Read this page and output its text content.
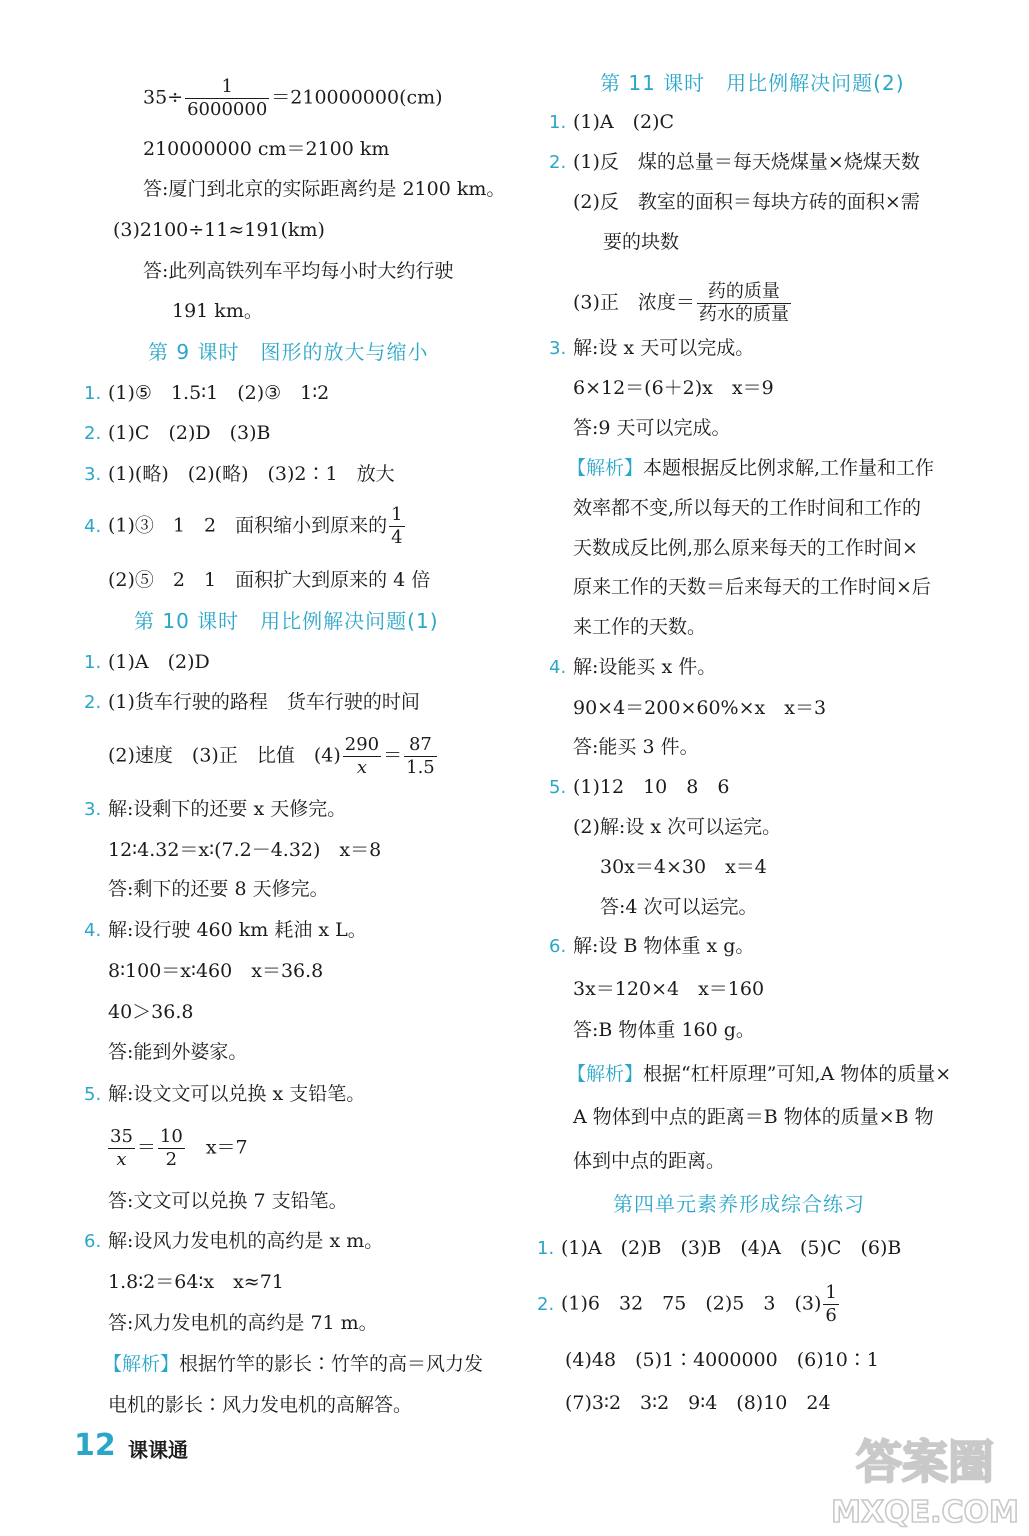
$35\div \frac{1}{6000000} =210000000(cm)$
210000000 cm＝2100 km
答:厦门到北京的实际距离约是 2100 km。
(3)2100÷11≈191(km)
答:此列高铁列车平均每小时大约行驶
191 km。
第 9 课时　图形的放大与缩小
1. (1)⑤　1.5∶1　(2)③　1∶2
2. (1)C　(2)D　(3)B
3. (1)(略)　(2)(略)　(3)2∶1　放大
4. (1)③　1　2　面积缩小到原来的 $\frac{1}{4}$
(2)⑤　2　1　面积扩大到原来的 4 倍
第 10 课时　用比例解决问题(1)
1. (1)A　(2)D
2. (1)货车行驶的路程　货车行驶的时间
(2)速度　(3)正　比值　$(4) \frac{290}{x} = \frac{87}{1.5}$
3. 解:设剩下的还要 x 天修完。
12∶4.32＝x∶(7.2－4.32)　x＝8
答:剩下的还要 8 天修完。
4. 解:设行驶 460 km 耗油 x L。
8∶100＝x∶460　x＝36.8
40＞36.8
答:能到外婆家。
5. 解:设文文可以兑换 x 支铅笔。
$\frac{35}{x} = \frac{10}{2}$ 　x＝7
答:文文可以兑换 7 支铅笔。
6. 解:设风力发电机的高约是 x m。
1.8∶2＝64∶x　x≈71
答:风力发电机的高约是 71 m。
【解析】根据竹竿的影长∶竹竿的高＝风力发
电机的影长∶风力发电机的高解答。
第 11 课时　用比例解决问题(2)
1. (1)A　(2)C
2. (1)反　煤的总量＝每天烧煤量×烧煤天数
(2)反　教室的面积＝每块方砖的面积×需
要的块数
(3)正　浓度＝ $\frac{\text{药的质量}}{\text{药水的质量}}$
3. 解:设 x 天可以完成。
6×12＝(6＋2)x　x＝9
答:9 天可以完成。
【解析】本题根据反比例求解,工作量和工作
效率都不变,所以每天的工作时间和工作的
天数成反比例,那么原来每天的工作时间×
原来工作的天数＝后来每天的工作时间×后
来工作的天数。
4. 解:设能买 x 件。
90×4＝200×60%×x　x＝3
答:能买 3 件。
5. (1)12　10　8　6
(2)解:设 x 次可以运完。
30x＝4×30　x＝4
答:4 次可以运完。
6. 解:设 B 物体重 x g。
3x＝120×4　x＝160
答:B 物体重 160 g。
【解析】根据“杠杆原理”可知,A 物体的质量×
A 物体到中点的距离＝B 物体的质量×B 物
体到中点的距离。
第四单元素养形成综合练习
1. (1)A　(2)B　(3)B　(4)A　(5)C　(6)B
2. (1)6　32　75　(2)5　3　$(3) \frac{1}{6}$
(4)48　(5)1∶4000000　(6)10∶1
(7)3∶2　3∶2　9∶4　(8)10　24
12 课课通	答案圈
MXQE.COM
